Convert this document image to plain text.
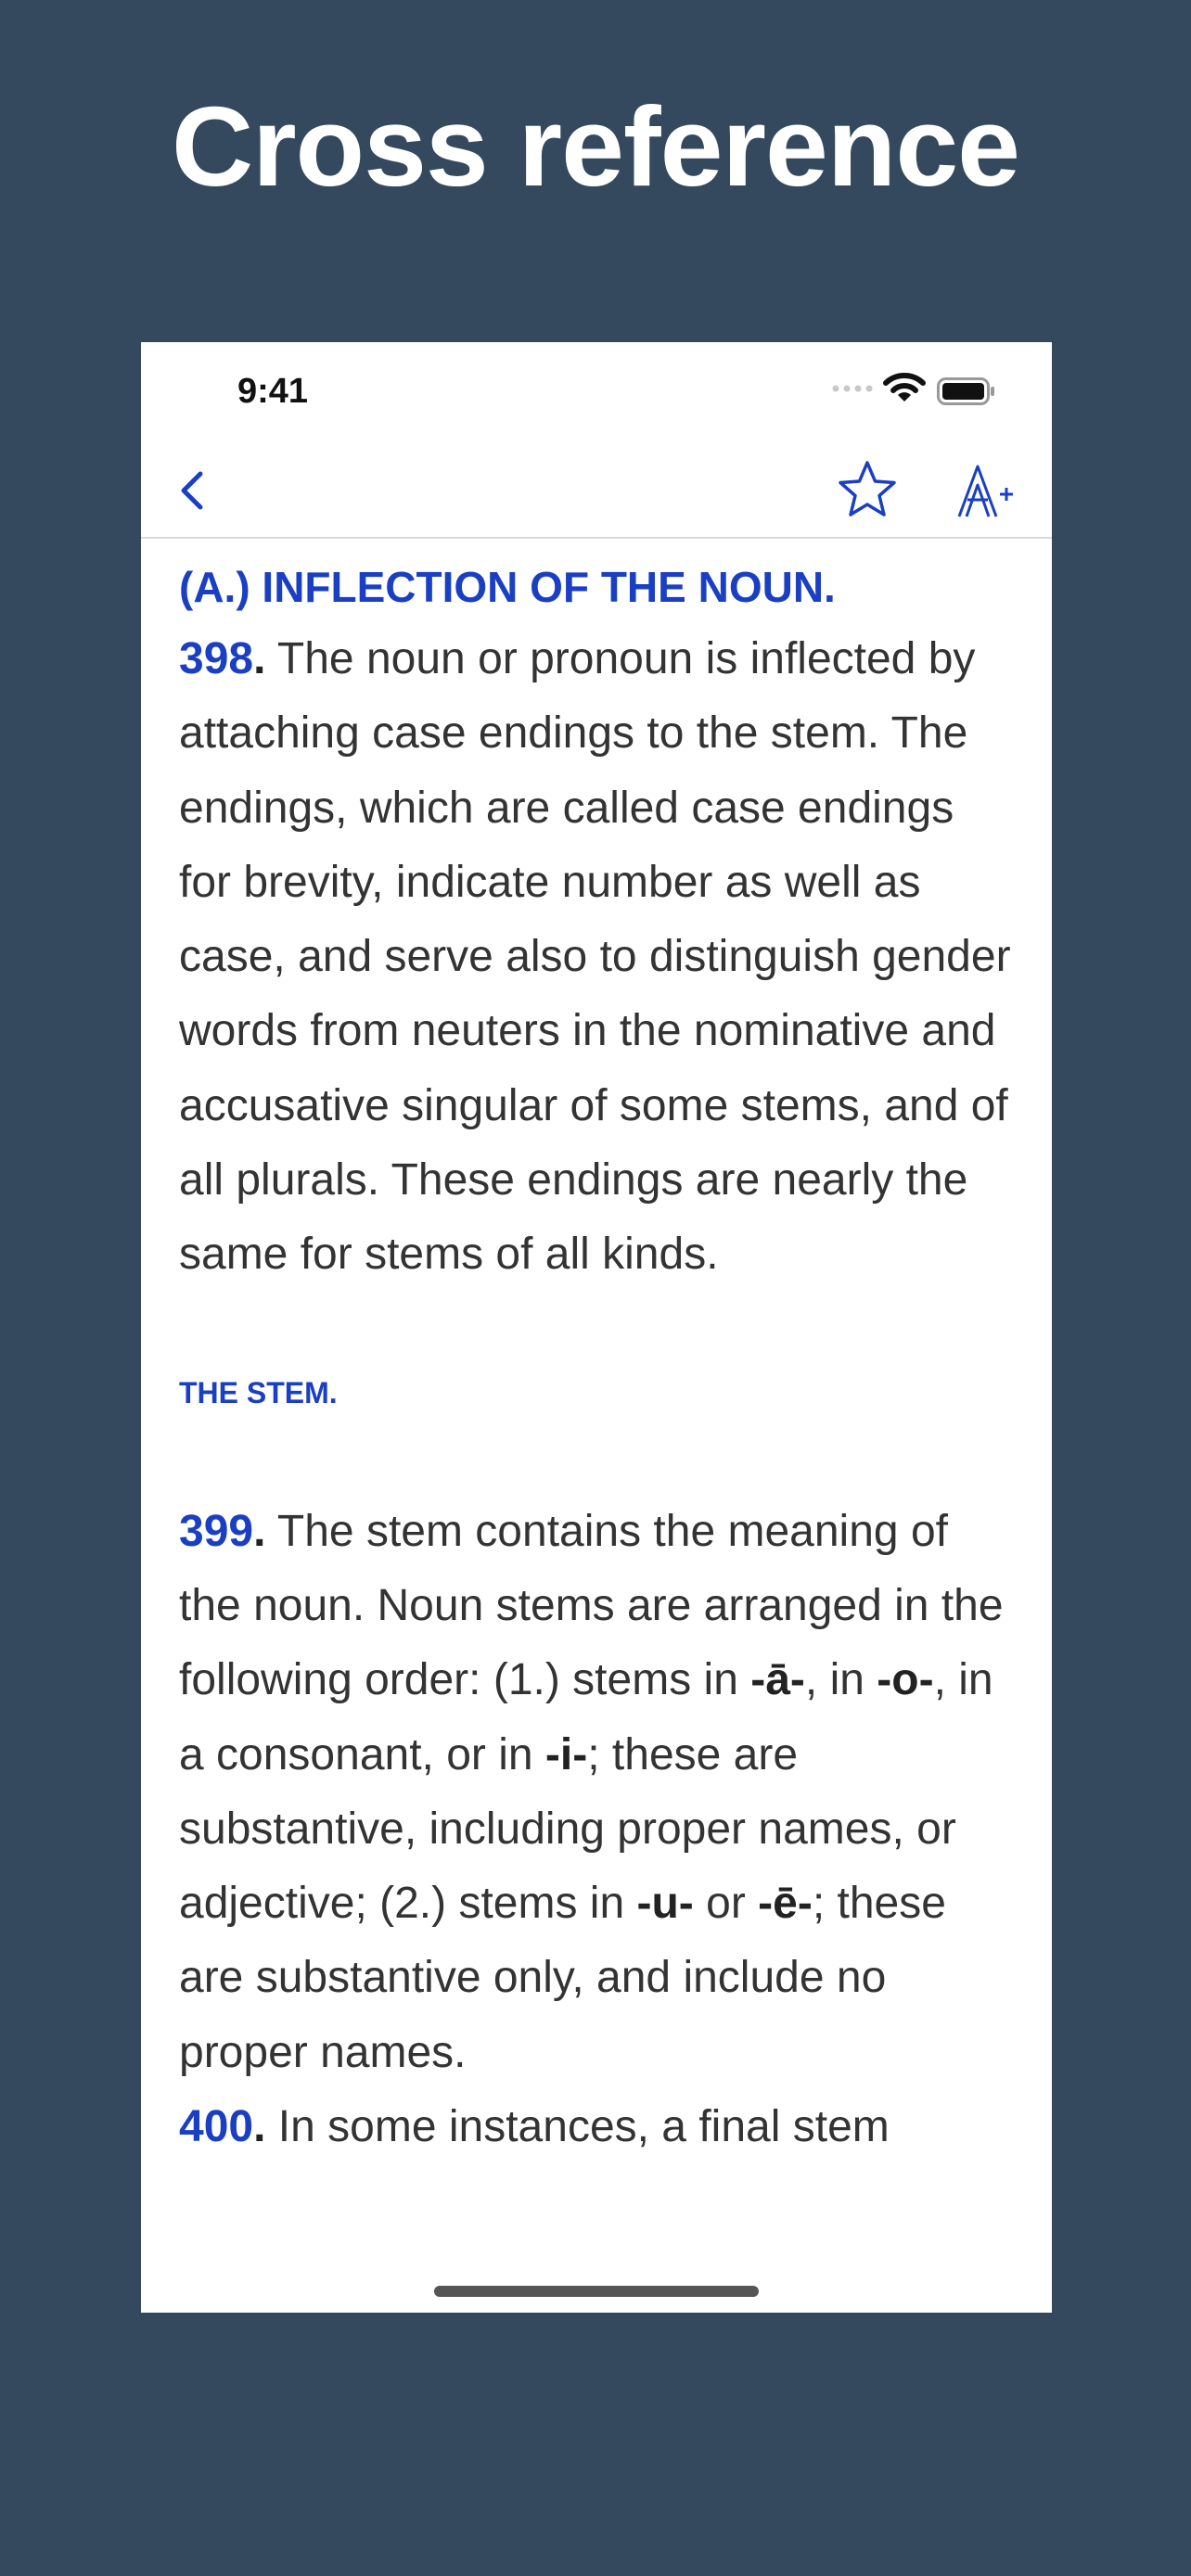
Cross reference
9:41
(A.) INFLECTION OF THE NOUN.

398. The noun or pronoun is inflected by attaching case endings to the stem. The endings, which are called case endings for brevity, indicate number as well as case, and serve also to distinguish gender words from neuters in the nominative and accusative singular of some stems, and of all plurals. These endings are nearly the same for stems of all kinds.

THE STEM.

399. The stem contains the meaning of the noun. Noun stems are arranged in the following order: (1.) stems in -ā-, in -o-, in a consonant, or in -i-; these are substantive, including proper names, or adjective; (2.) stems in -u- or -ē-; these are substantive only, and include no proper names.

400. In some instances, a final stem
